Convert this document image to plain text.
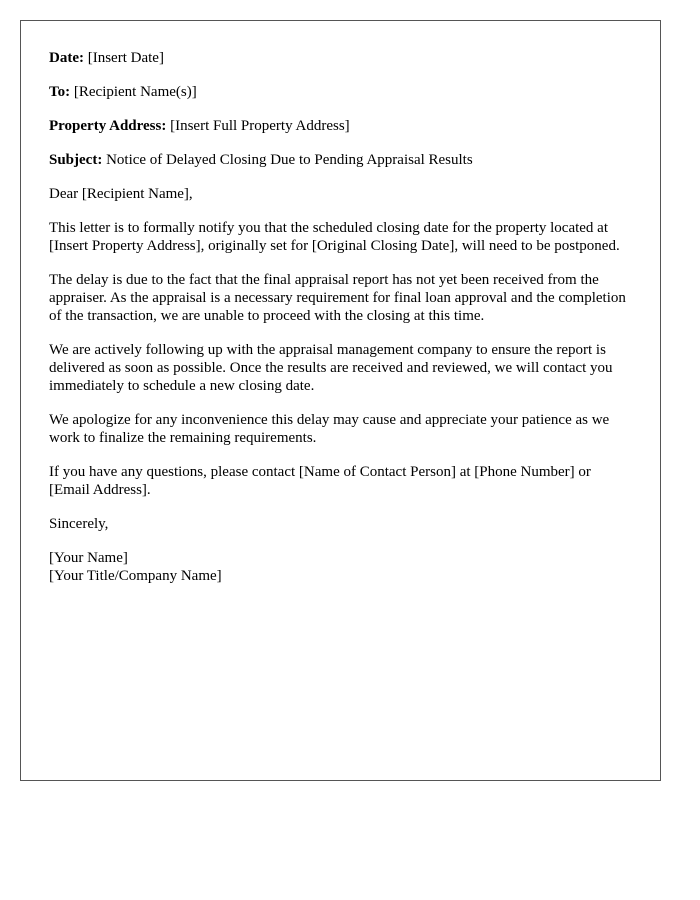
Date: [Insert Date]

To: [Recipient Name(s)]

Property Address: [Insert Full Property Address]

Subject: Notice of Delayed Closing Due to Pending Appraisal Results

Dear [Recipient Name],

This letter is to formally notify you that the scheduled closing date for the property located at [Insert Property Address], originally set for [Original Closing Date], will need to be postponed.

The delay is due to the fact that the final appraisal report has not yet been received from the appraiser. As the appraisal is a necessary requirement for final loan approval and the completion of the transaction, we are unable to proceed with the closing at this time.

We are actively following up with the appraisal management company to ensure the report is delivered as soon as possible. Once the results are received and reviewed, we will contact you immediately to schedule a new closing date.

We apologize for any inconvenience this delay may cause and appreciate your patience as we work to finalize the remaining requirements.

If you have any questions, please contact [Name of Contact Person] at [Phone Number] or [Email Address].

Sincerely,

[Your Name]
[Your Title/Company Name]
